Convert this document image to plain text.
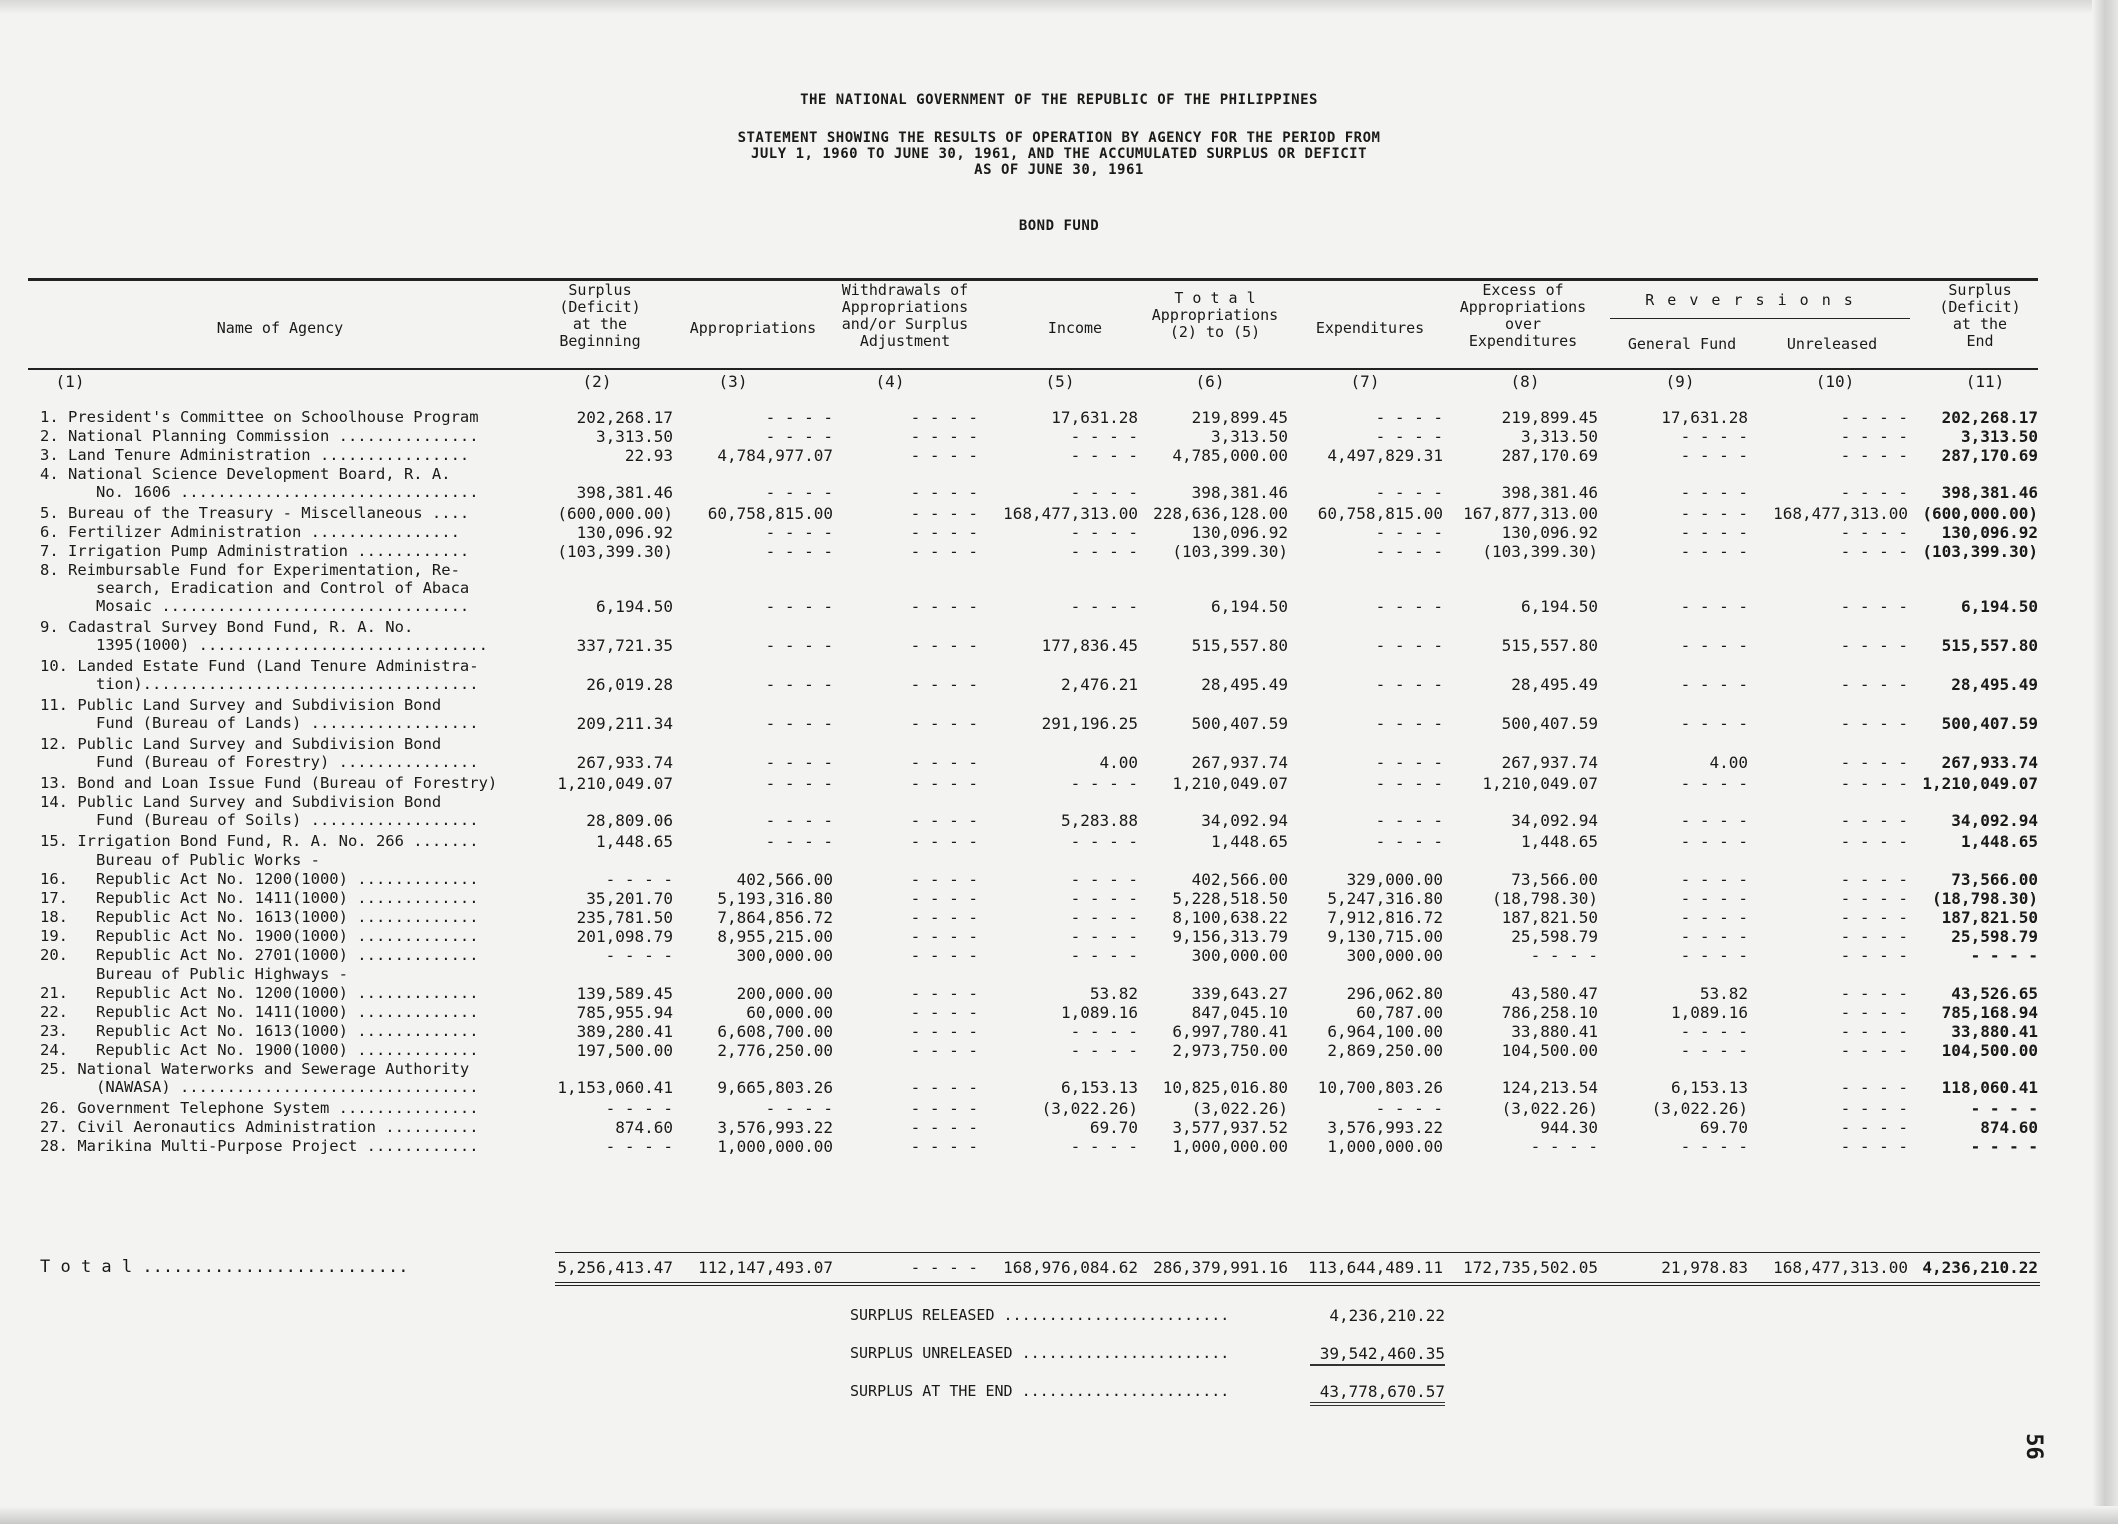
THE NATIONAL GOVERNMENT OF THE REPUBLIC OF THE PHILIPPINES
STATEMENT SHOWING THE RESULTS OF OPERATION BY AGENCY FOR THE PERIOD FROM
JULY 1, 1960 TO JUNE 30, 1961, AND THE ACCUMULATED SURPLUS OR DEFICIT
AS OF JUNE 30, 1961
BOND FUND
Name of Agency
Surplus
(Deficit)
at the
Beginning
Appropriations
Withdrawals of
Appropriations
and/or Surplus
Adjustment
Income
T o t a l
Appropriations
(2) to (5)	Expenditures
Excess of
Appropriations
over
Expenditures
R e v e r s i o n s
General Fund	Unreleased
Surplus
(Deficit)
at the
End
(1)	(2)	(3)	(4)	(5)	(6)	(7)	(8)	(9)	(10)	(11)
1. President's Committee on Schoolhouse Program	202,268.17	- - - -	- - - -	17,631.28	219,899.45	- - - -	219,899.45	17,631.28	- - - -	202,268.17
2. National Planning Commission ...............	3,313.50	- - - -	- - - -	- - - -	3,313.50	- - - -	3,313.50	- - - -	- - - -	3,313.50
3. Land Tenure Administration ................	22.93	4,784,977.07	- - - -	- - - -	4,785,000.00	4,497,829.31	287,170.69	- - - -	- - - -	287,170.69
4. National Science Development Board, R. A.
No. 1606 ................................	398,381.46	- - - -	- - - -	- - - -	398,381.46	- - - -	398,381.46	- - - -	- - - -	398,381.46
5. Bureau of the Treasury - Miscellaneous ....	(600,000.00)	60,758,815.00	- - - -	168,477,313.00 228,636,128.00	60,758,815.00	167,877,313.00	- - - -	168,477,313.00 (600,000.00)
6. Fertilizer Administration ................	130,096.92	- - - -	- - - -	- - - -	130,096.92	- - - -	130,096.92	- - - -	- - - -	130,096.92
7. Irrigation Pump Administration ............	(103,399.30)	- - - -	- - - -	- - - -	(103,399.30)	- - - -	(103,399.30)	- - - -	- - - - (103,399.30)
8. Reimbursable Fund for Experimentation, Re-
search, Eradication and Control of Abaca
Mosaic .................................	6,194.50	- - - -	- - - -	- - - -	6,194.50	- - - -	6,194.50	- - - -	- - - -	6,194.50
9. Cadastral Survey Bond Fund, R. A. No.
1395(1000) ...............................	337,721.35	- - - -	- - - -	177,836.45	515,557.80	- - - -	515,557.80	- - - -	- - - -	515,557.80
10. Landed Estate Fund (Land Tenure Administra-
tion)....................................	26,019.28	- - - -	- - - -	2,476.21	28,495.49	- - - -	28,495.49	- - - -	- - - -	28,495.49
11. Public Land Survey and Subdivision Bond
Fund (Bureau of Lands) ..................	209,211.34	- - - -	- - - -	291,196.25	500,407.59	- - - -	500,407.59	- - - -	- - - -	500,407.59
12. Public Land Survey and Subdivision Bond
Fund (Bureau of Forestry) ...............	267,933.74	- - - -	- - - -	4.00	267,937.74	- - - -	267,937.74	4.00	- - - -	267,933.74
13. Bond and Loan Issue Fund (Bureau of Forestry)	1,210,049.07	- - - -	- - - -	- - - -	1,210,049.07	- - - -	1,210,049.07	- - - -	- - - - 1,210,049.07
14. Public Land Survey and Subdivision Bond
Fund (Bureau of Soils) ..................	28,809.06	- - - -	- - - -	5,283.88	34,092.94	- - - -	34,092.94	- - - -	- - - -	34,092.94
15. Irrigation Bond Fund, R. A. No. 266 .......	1,448.65	- - - -	- - - -	- - - -	1,448.65	- - - -	1,448.65	- - - -	- - - -	1,448.65
Bureau of Public Works -
16.   Republic Act No. 1200(1000) .............	- - - -	402,566.00	- - - -	- - - -	402,566.00	329,000.00	73,566.00	- - - -	- - - -	73,566.00
17.   Republic Act No. 1411(1000) .............	35,201.70	5,193,316.80	- - - -	- - - -	5,228,518.50	5,247,316.80	(18,798.30)	- - - -	- - - -	(18,798.30)
18.   Republic Act No. 1613(1000) .............	235,781.50	7,864,856.72	- - - -	- - - -	8,100,638.22	7,912,816.72	187,821.50	- - - -	- - - -	187,821.50
19.   Republic Act No. 1900(1000) .............	201,098.79	8,955,215.00	- - - -	- - - -	9,156,313.79	9,130,715.00	25,598.79	- - - -	- - - -	25,598.79
20.   Republic Act No. 2701(1000) .............	- - - -	300,000.00	- - - -	- - - -	300,000.00	300,000.00	- - - -	- - - -	- - - -	- - - -
Bureau of Public Highways -
21.   Republic Act No. 1200(1000) .............	139,589.45	200,000.00	- - - -	53.82	339,643.27	296,062.80	43,580.47	53.82	- - - -	43,526.65
22.   Republic Act No. 1411(1000) .............	785,955.94	60,000.00	- - - -	1,089.16	847,045.10	60,787.00	786,258.10	1,089.16	- - - -	785,168.94
23.   Republic Act No. 1613(1000) .............	389,280.41	6,608,700.00	- - - -	- - - -	6,997,780.41	6,964,100.00	33,880.41	- - - -	- - - -	33,880.41
24.   Republic Act No. 1900(1000) .............	197,500.00	2,776,250.00	- - - -	- - - -	2,973,750.00	2,869,250.00	104,500.00	- - - -	- - - -	104,500.00
25. National Waterworks and Sewerage Authority
(NAWASA) ................................	1,153,060.41	9,665,803.26	- - - -	6,153.13	10,825,016.80	10,700,803.26	124,213.54	6,153.13	- - - -	118,060.41
26. Government Telephone System ...............	- - - -	- - - -	- - - -	(3,022.26)	(3,022.26)	- - - -	(3,022.26)	(3,022.26)	- - - -	- - - -
27. Civil Aeronautics Administration ..........	874.60	3,576,993.22	- - - -	69.70	3,577,937.52	3,576,993.22	944.30	69.70	- - - -	874.60
28. Marikina Multi-Purpose Project ............	- - - -	1,000,000.00	- - - -	- - - -	1,000,000.00	1,000,000.00	- - - -	- - - -	- - - -	- - - -
T o t a l ..........................	5,256,413.47	112,147,493.07	- - - -	168,976,084.62 286,379,991.16	113,644,489.11	172,735,502.05	21,978.83	168,477,313.00 4,236,210.22
SURPLUS RELEASED .........................	4,236,210.22
SURPLUS UNRELEASED .......................	39,542,460.35
SURPLUS AT THE END .......................	43,778,670.57
56
